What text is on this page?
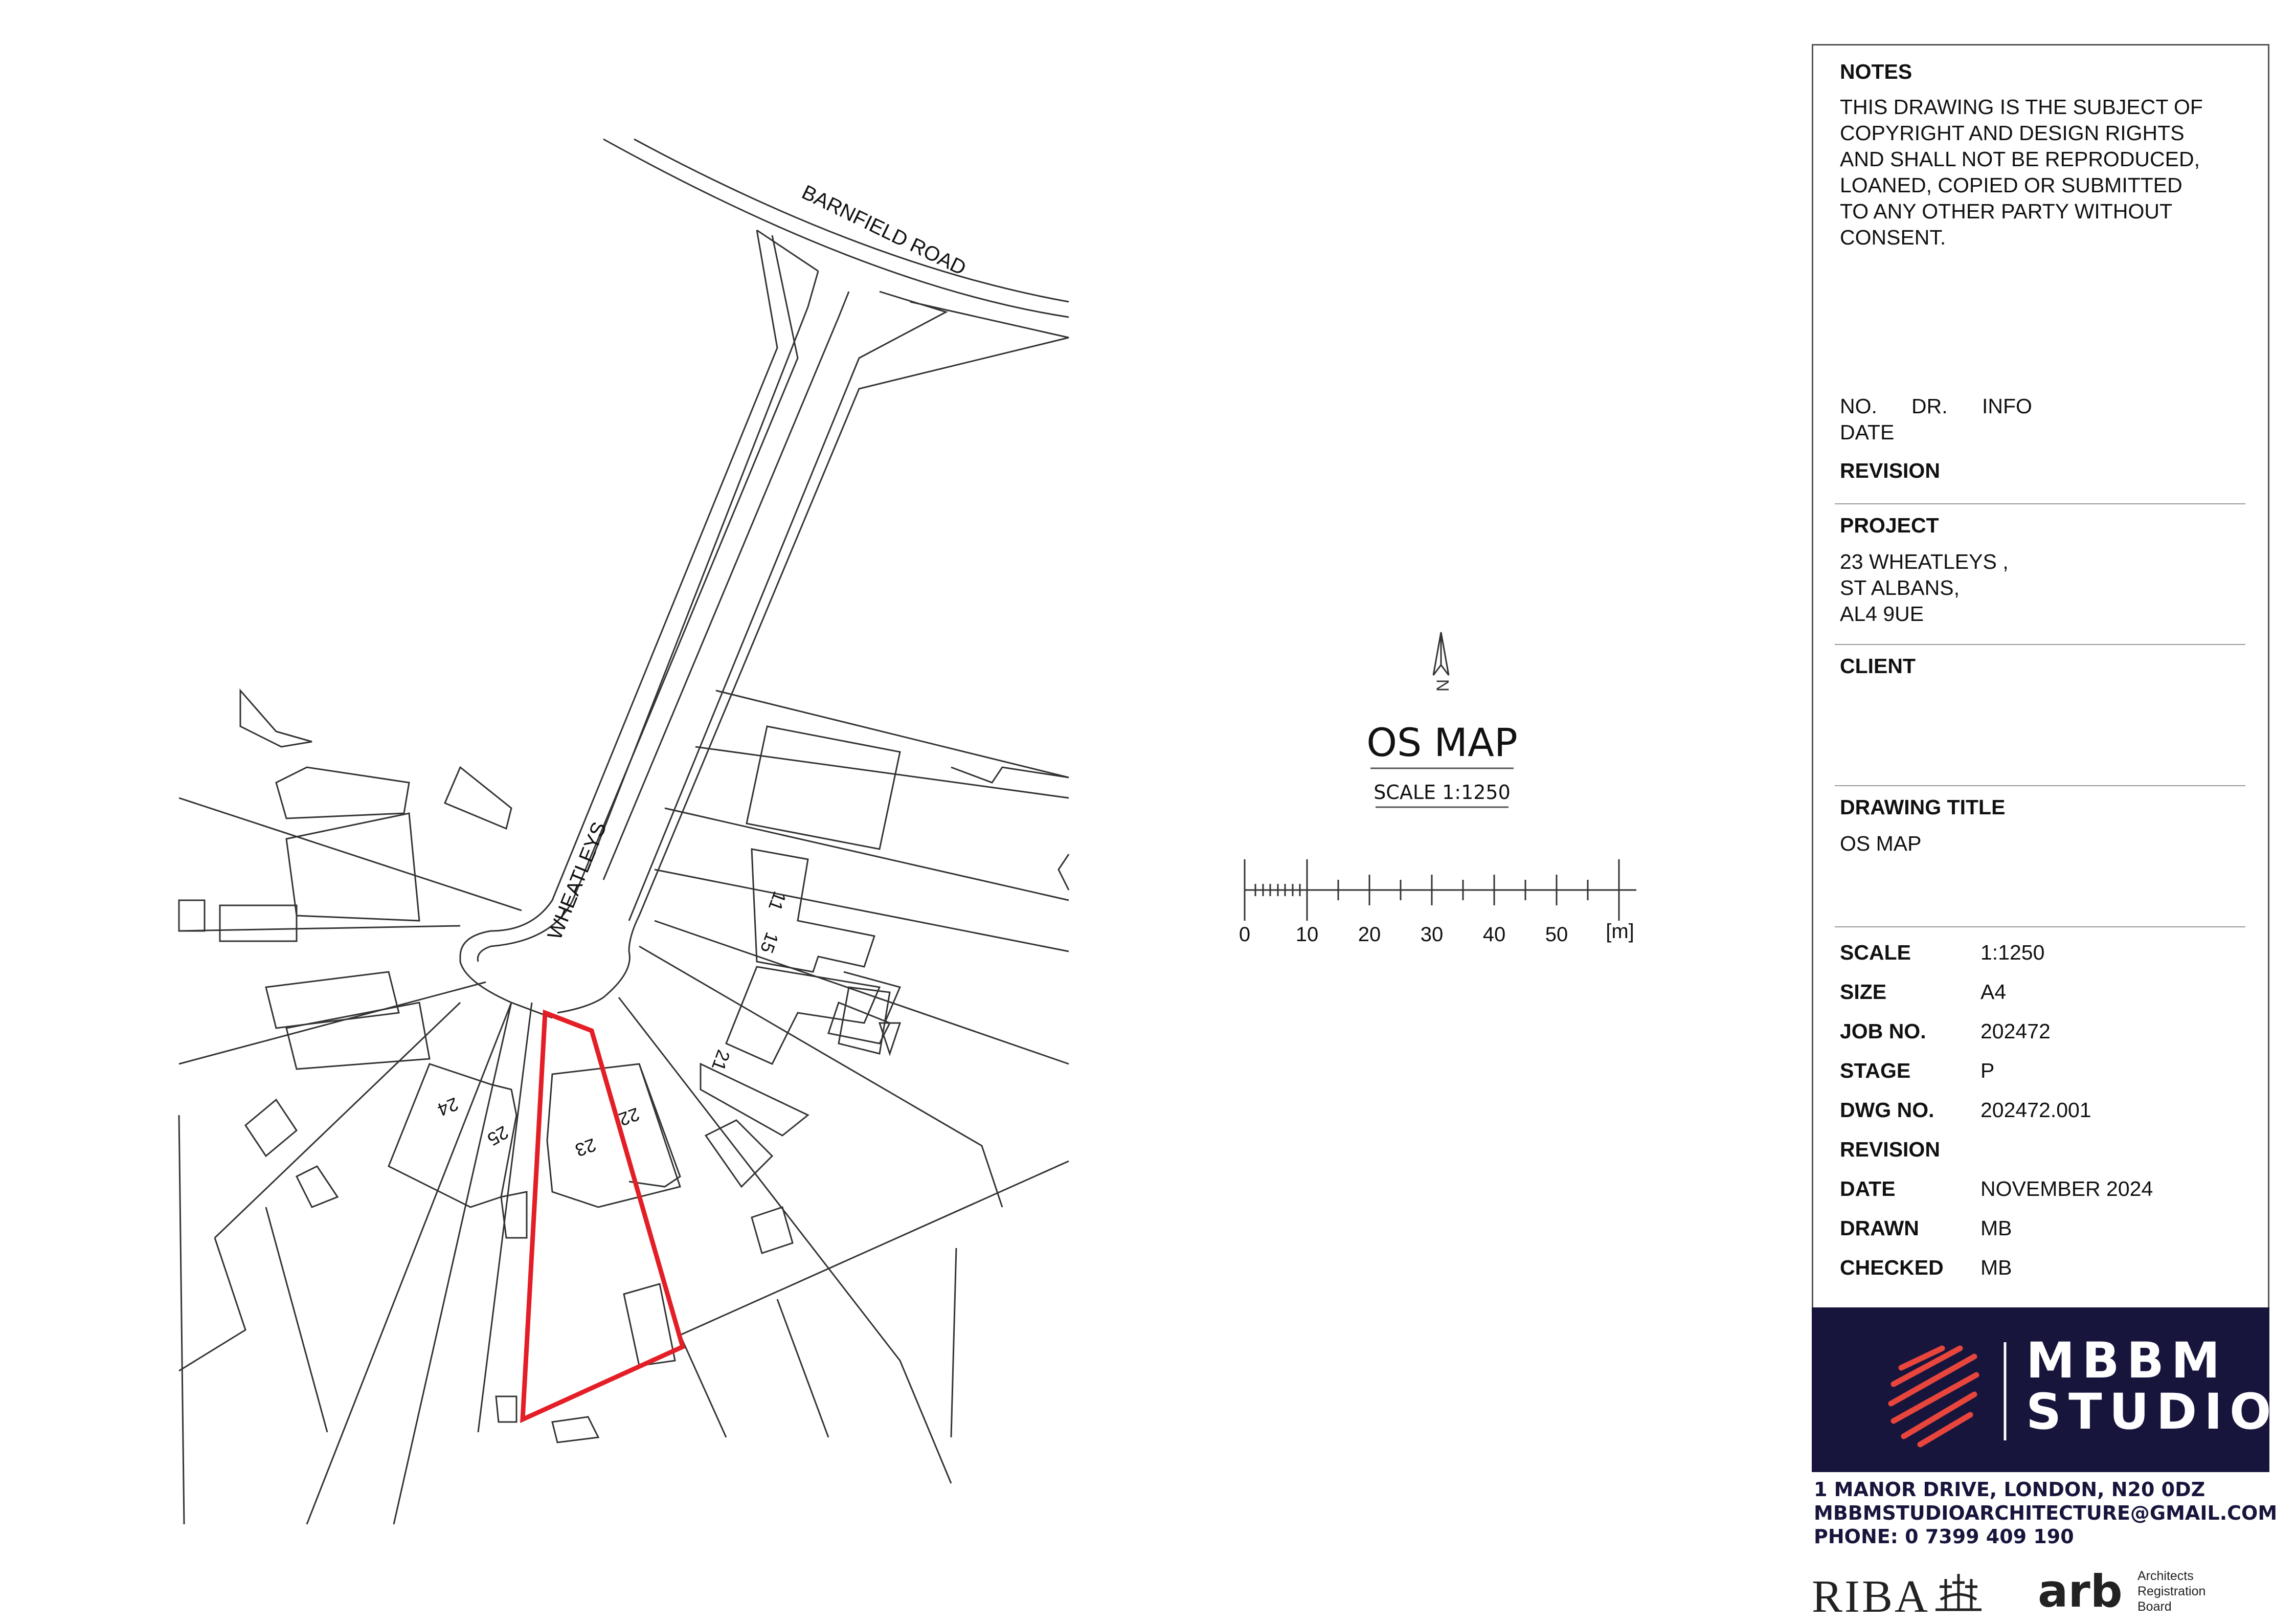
BARNFIELD ROAD
WHEATLEYS	11
15
21
22
23
24
25
N
OS MAP
SCALE 1:1250
0 10 20 30 40 50 [m]
NOTES
THIS DRAWING IS THE SUBJECT OF
COPYRIGHT AND DESIGN RIGHTS
AND SHALL NOT BE REPRODUCED,
LOANED, COPIED OR SUBMITTED
TO ANY OTHER PARTY WITHOUT
CONSENT.
NO. DR. INFO
DATE
REVISION
PROJECT
23 WHEATLEYS ,
ST ALBANS,
AL4 9UE
CLIENT
DRAWING TITLE
OS MAP
SCALE	1:1250
SIZE	A4
JOB NO.	202472
STAGE	P
DWG NO. 202472.001
REVISION
DATE	NOVEMBER 2024
DRAWN	MB
CHECKED MB
MBBM
STUDIO
1 MANOR DRIVE, LONDON, N20 0DZ
MBBMSTUDIOARCHITECTURE@GMAIL.COM
PHONE: 0 7399 409 190
RIBA arb Architects
Registration
Board
